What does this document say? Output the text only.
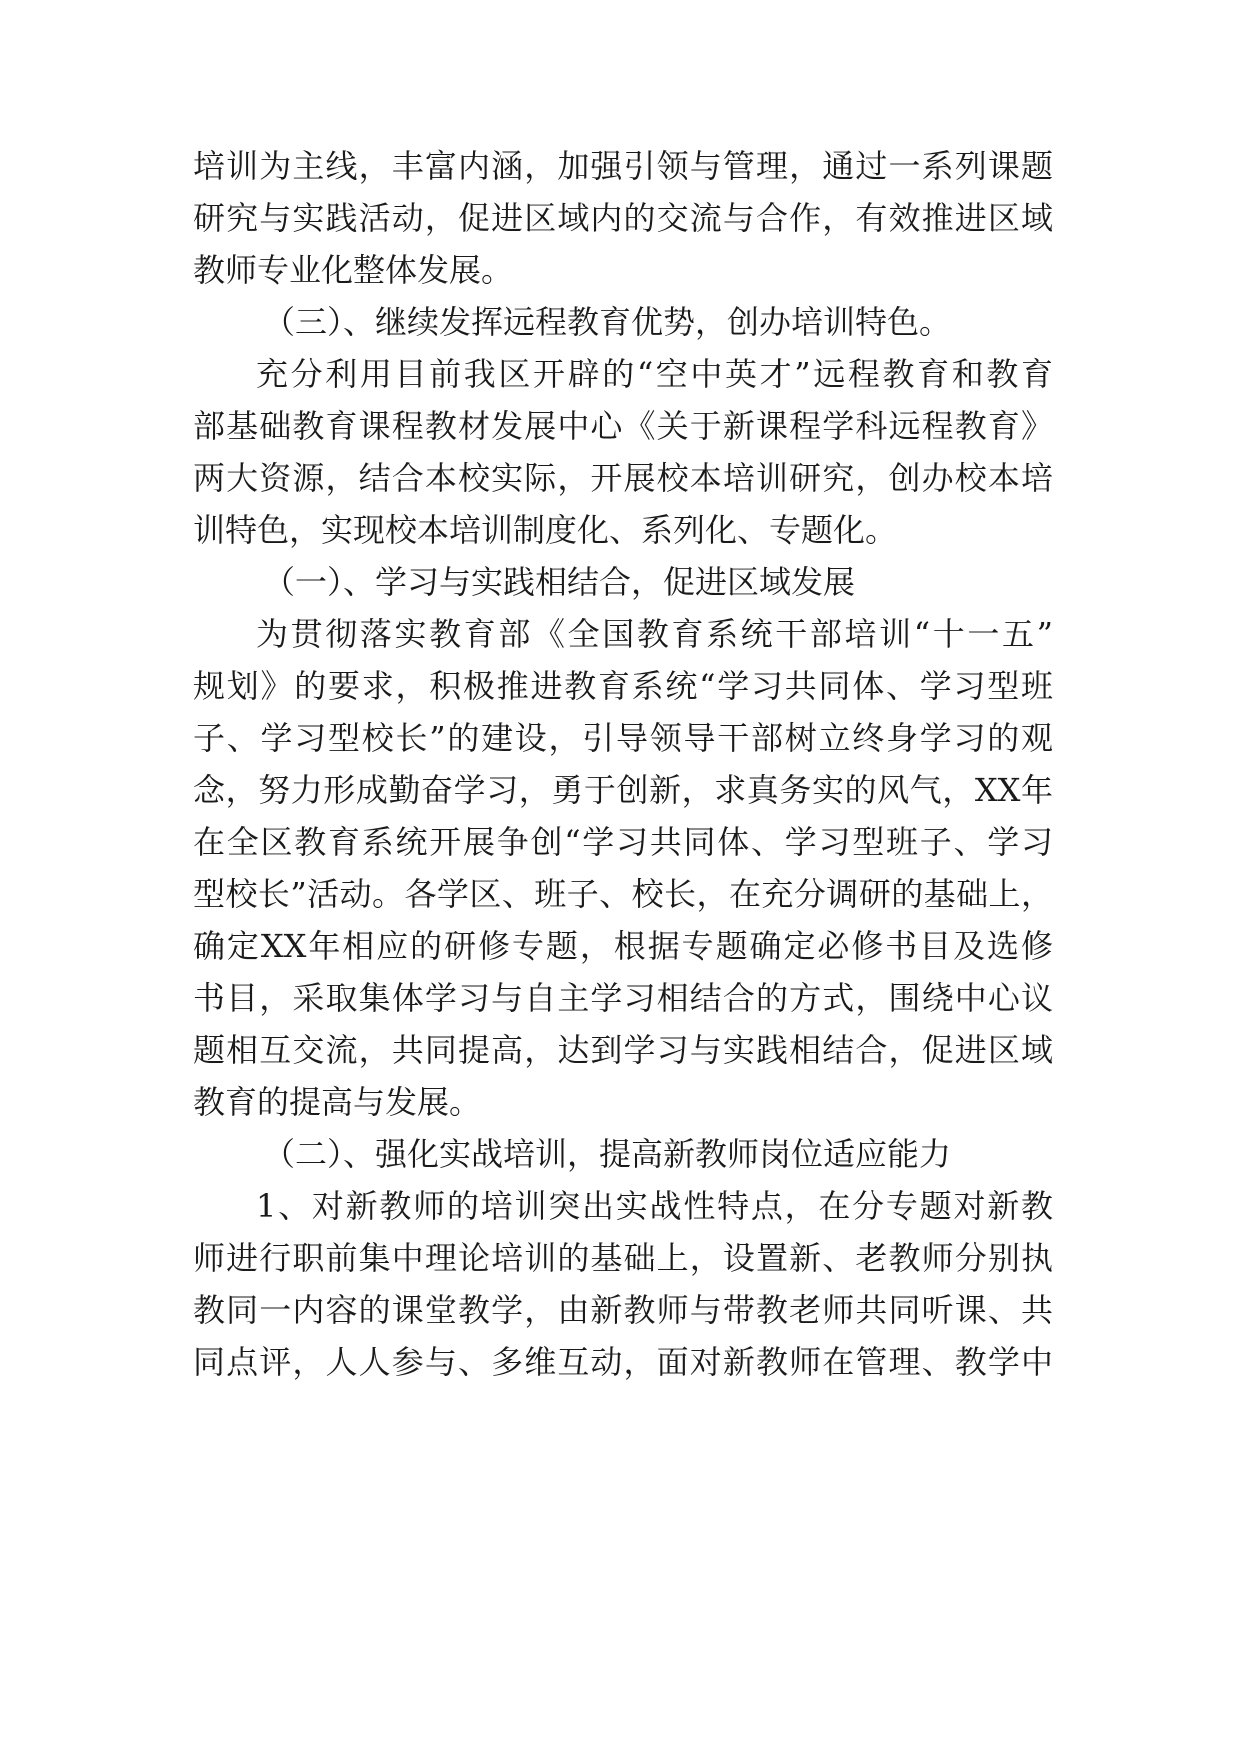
培训为主线，丰富内涵，加强引领与管理，通过一系列课题

研究与实践活动，促进区域内的交流与合作，有效推进区域

教师专业化整体发展。

（三）、继续发挥远程教育优势，创办培训特色。

充分利用目前我区开辟的“空中英才”远程教育和教育

部基础教育课程教材发展中心《关于新课程学科远程教育》

两大资源，结合本校实际，开展校本培训研究，创办校本培

训特色，实现校本培训制度化、系列化、专题化。

（一）、学习与实践相结合，促进区域发展

为贯彻落实教育部《全国教育系统干部培训“十一五”

规划》的要求，积极推进教育系统“学习共同体、学习型班

子、学习型校长”的建设，引导领导干部树立终身学习的观

念，努力形成勤奋学习，勇于创新，求真务实的风气，XX年

在全区教育系统开展争创“学习共同体、学习型班子、学习

型校长”活动。各学区、班子、校长，在充分调研的基础上，

确定XX年相应的研修专题，根据专题确定必修书目及选修

书目，采取集体学习与自主学习相结合的方式，围绕中心议

题相互交流，共同提高，达到学习与实践相结合，促进区域

教育的提高与发展。

（二）、强化实战培训，提高新教师岗位适应能力

1、对新教师的培训突出实战性特点，在分专题对新教

师进行职前集中理论培训的基础上，设置新、老教师分别执

教同一内容的课堂教学，由新教师与带教老师共同听课、共

同点评，人人参与、多维互动，面对新教师在管理、教学中
